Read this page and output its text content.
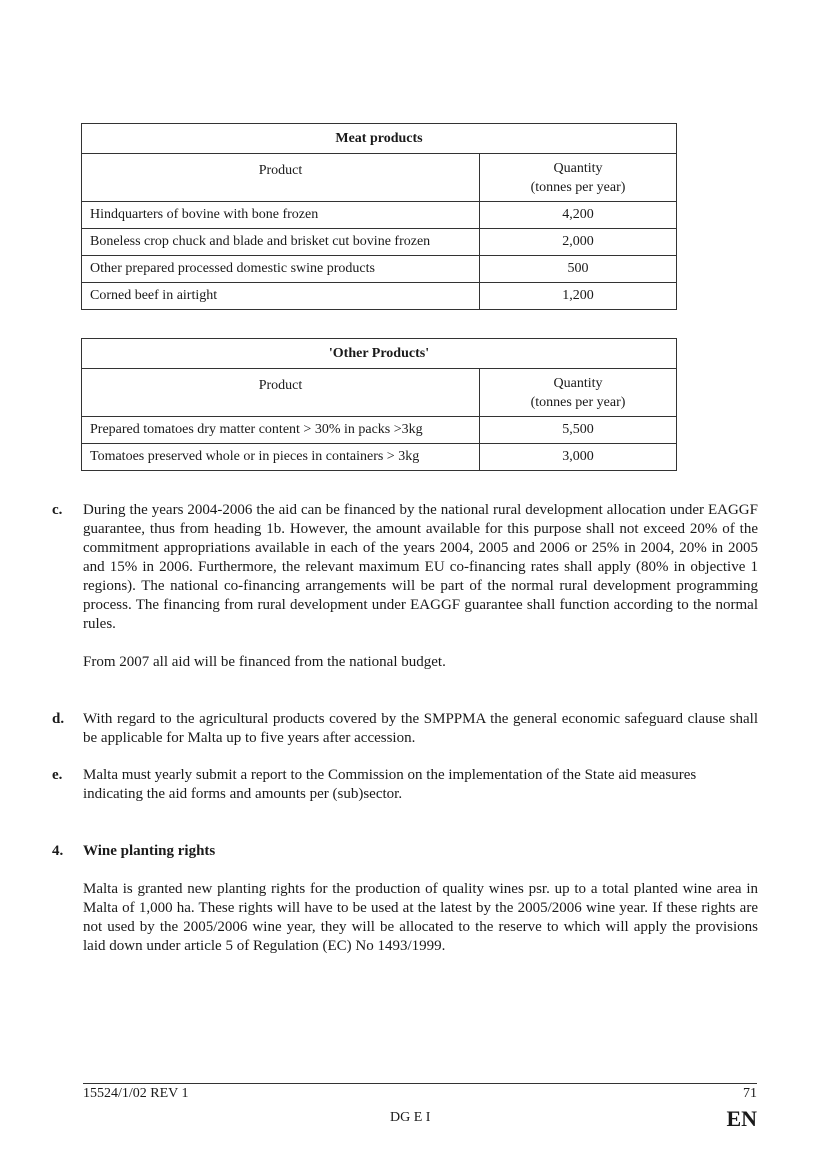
Meat products	
Product	Quantity
(tonnes per year)

Hindquarters of bovine with bone frozen	4,200
Boneless crop chuck and blade and brisket cut bovine frozen	2,000
Other prepared processed domestic swine products	500
Corned beef in airtight	1,200
'Other Products'	
Product	Quantity
(tonnes per year)

Prepared tomatoes dry matter content > 30% in packs >3kg	5,500
Tomatoes preserved whole or in pieces in containers > 3kg	3,000
c. During the years 2004-2006 the aid can be financed by the national rural development allocation under EAGGF guarantee, thus from heading 1b. However, the amount available for this purpose shall not exceed 20% of the commitment appropriations available in each of the years 2004, 2005 and 2006 or 25% in 2004, 20% in 2005 and 15% in 2006. Furthermore, the relevant maximum EU co-financing rates shall apply (80% in objective 1 regions). The national co-financing arrangements will be part of the normal rural development programming process. The financing from rural development under EAGGF guarantee shall function according to the normal rules.
From 2007 all aid will be financed from the national budget.
d. With regard to the agricultural products covered by the SMPPMA the general economic safeguard clause shall be applicable for Malta up to five years after accession.
e. Malta must yearly submit a report to the Commission on the implementation of the State aid measures indicating the aid forms and amounts per (sub)sector.
4. Wine planting rights
Malta is granted new planting rights for the production of quality wines psr. up to a total planted wine area in Malta of 1,000 ha. These rights will have to be used at the latest by the 2005/2006 wine year. If these rights are not used by the 2005/2006 wine year, they will be allocated to the reserve to which will apply the provisions laid down under article 5 of Regulation (EC) No 1493/1999.
15524/1/02 REV 1	71
DG E I	EN
